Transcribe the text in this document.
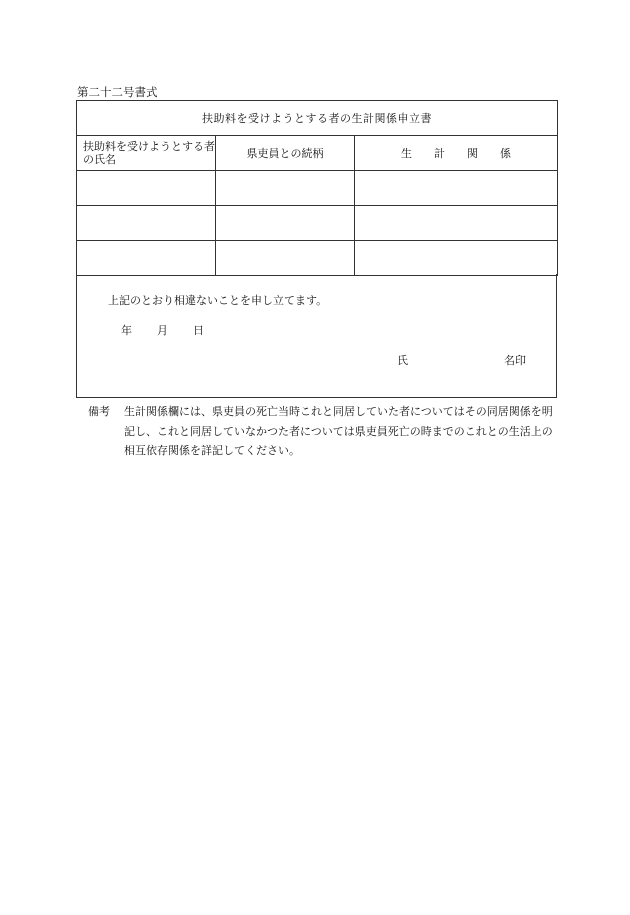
第二十二号書式
扶助料を受けようとする者の生計関係申立書		
扶助料を受けようとする者の氏名	県吏員との続柄	生　　計　　関　　係

上記のとおり相違ないことを申し立てます。
年 月 日
氏	名印
備考 生計関係欄には、県吏員の死亡当時これと同居していた者についてはその同居関係を明記し、これと同居していなかつた者については県吏員死亡の時までのこれとの生活上の相互依存関係を詳記してください。
